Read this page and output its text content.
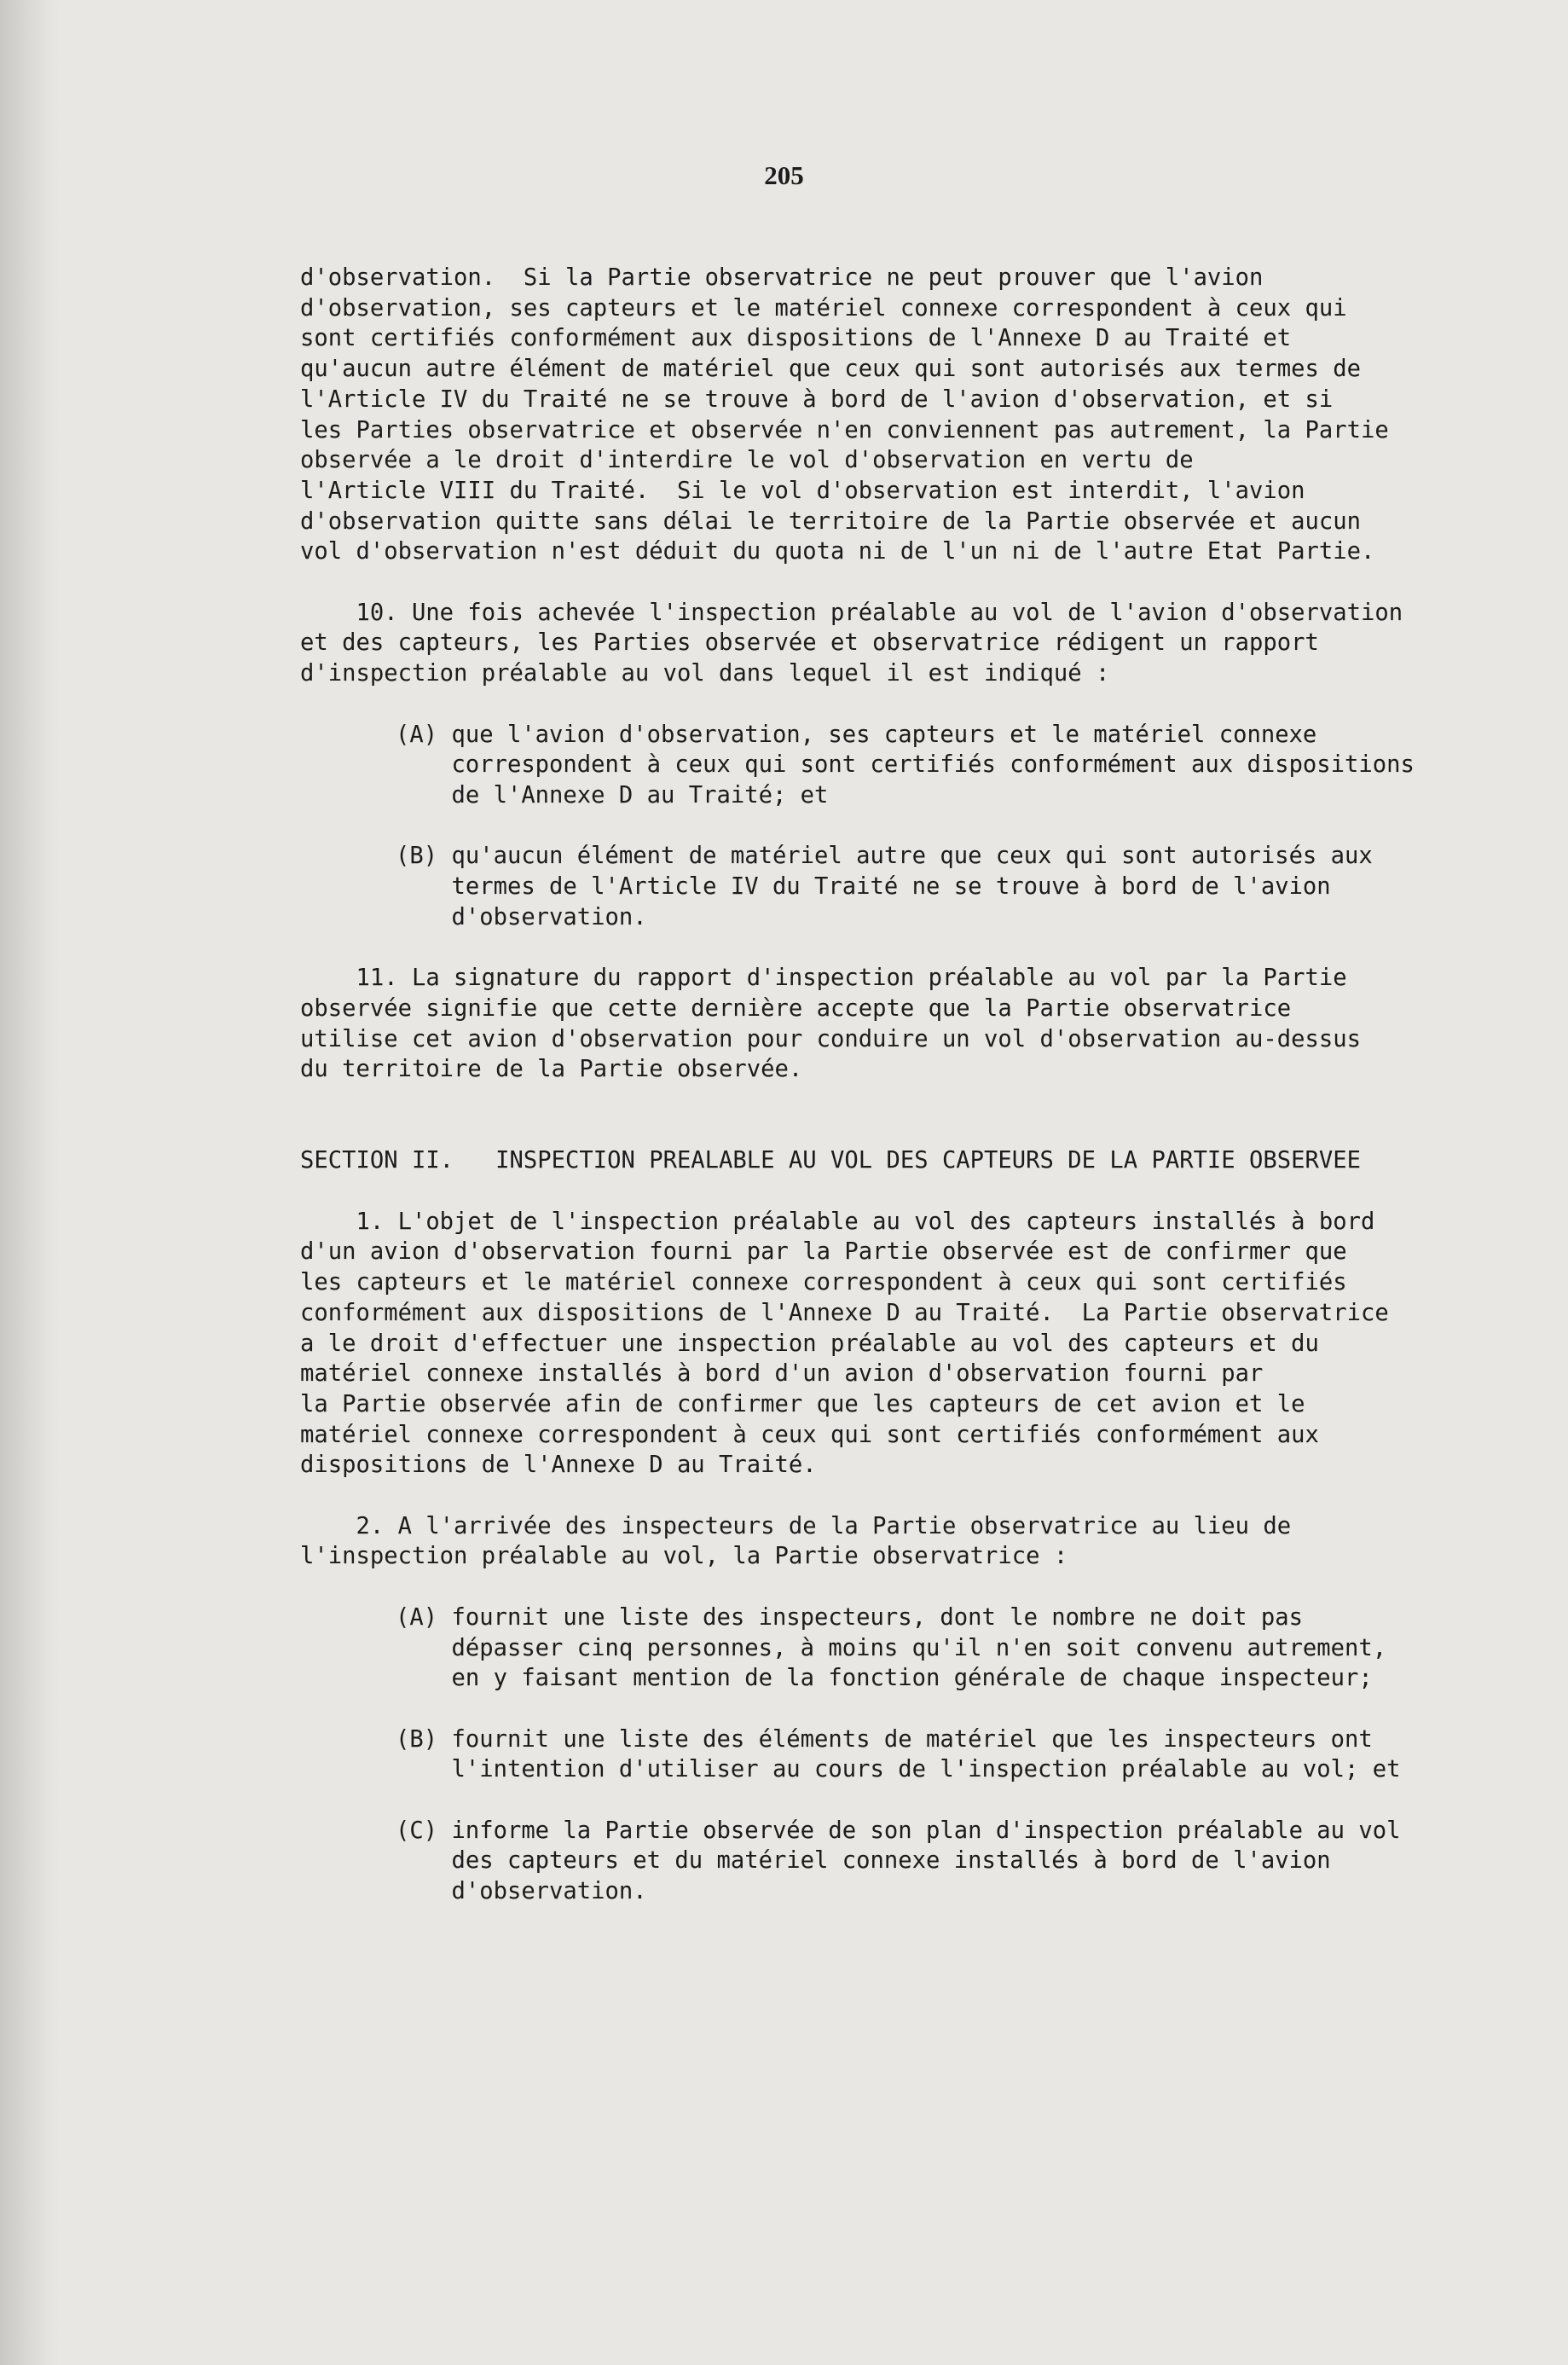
205
d'observation.  Si la Partie observatrice ne peut prouver que l'avion
d'observation, ses capteurs et le matériel connexe correspondent à ceux qui
sont certifiés conformément aux dispositions de l'Annexe D au Traité et
qu'aucun autre élément de matériel que ceux qui sont autorisés aux termes de
l'Article IV du Traité ne se trouve à bord de l'avion d'observation, et si
les Parties observatrice et observée n'en conviennent pas autrement, la Partie
observée a le droit d'interdire le vol d'observation en vertu de
l'Article VIII du Traité.  Si le vol d'observation est interdit, l'avion
d'observation quitte sans délai le territoire de la Partie observée et aucun
vol d'observation n'est déduit du quota ni de l'un ni de l'autre Etat Partie.
10. Une fois achevée l'inspection préalable au vol de l'avion d'observation
et des capteurs, les Parties observée et observatrice rédigent un rapport
d'inspection préalable au vol dans lequel il est indiqué :
(A) que l'avion d'observation, ses capteurs et le matériel connexe
correspondent à ceux qui sont certifiés conformément aux dispositions
de l'Annexe D au Traité; et
(B) qu'aucun élément de matériel autre que ceux qui sont autorisés aux
termes de l'Article IV du Traité ne se trouve à bord de l'avion
d'observation.
11. La signature du rapport d'inspection préalable au vol par la Partie
observée signifie que cette dernière accepte que la Partie observatrice
utilise cet avion d'observation pour conduire un vol d'observation au-dessus
du territoire de la Partie observée.
SECTION II.   INSPECTION PREALABLE AU VOL DES CAPTEURS DE LA PARTIE OBSERVEE
1. L'objet de l'inspection préalable au vol des capteurs installés à bord
d'un avion d'observation fourni par la Partie observée est de confirmer que
les capteurs et le matériel connexe correspondent à ceux qui sont certifiés
conformément aux dispositions de l'Annexe D au Traité.  La Partie observatrice
a le droit d'effectuer une inspection préalable au vol des capteurs et du
matériel connexe installés à bord d'un avion d'observation fourni par
la Partie observée afin de confirmer que les capteurs de cet avion et le
matériel connexe correspondent à ceux qui sont certifiés conformément aux
dispositions de l'Annexe D au Traité.
2. A l'arrivée des inspecteurs de la Partie observatrice au lieu de
l'inspection préalable au vol, la Partie observatrice :
(A) fournit une liste des inspecteurs, dont le nombre ne doit pas
dépasser cinq personnes, à moins qu'il n'en soit convenu autrement,
en y faisant mention de la fonction générale de chaque inspecteur;
(B) fournit une liste des éléments de matériel que les inspecteurs ont
l'intention d'utiliser au cours de l'inspection préalable au vol; et
(C) informe la Partie observée de son plan d'inspection préalable au vol
des capteurs et du matériel connexe installés à bord de l'avion
d'observation.
